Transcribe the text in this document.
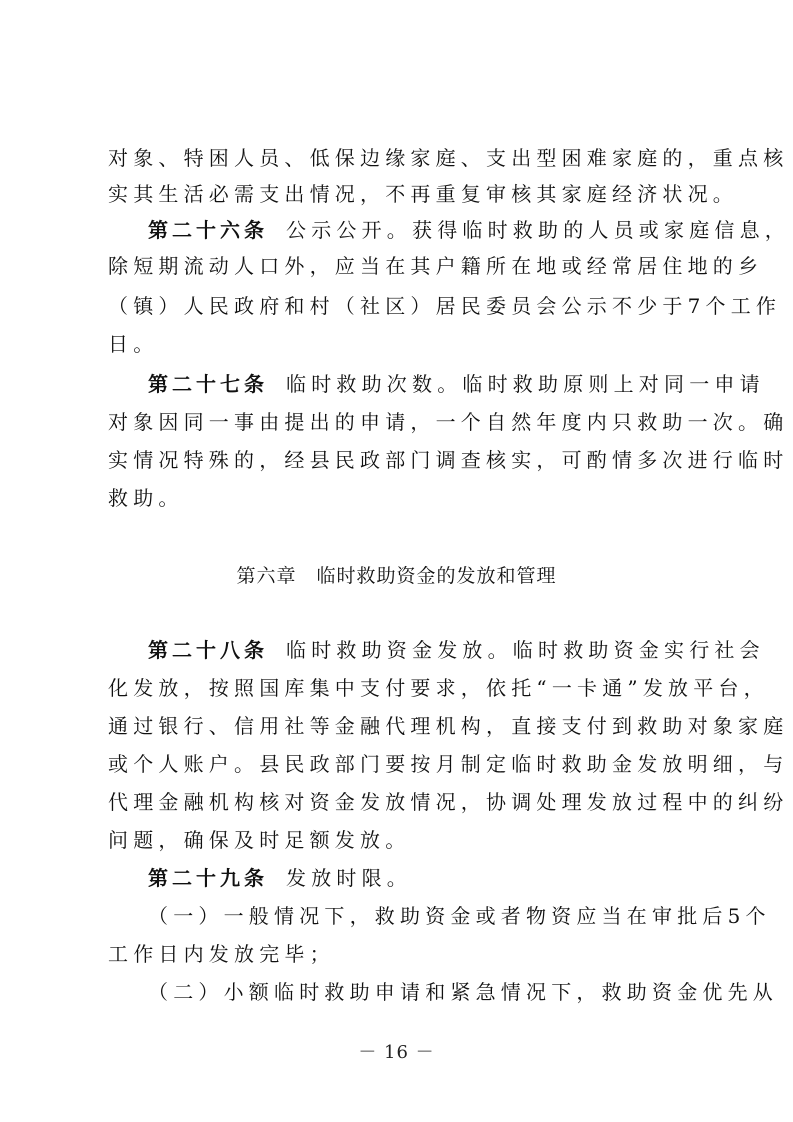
对象、特困人员、低保边缘家庭、支出型困难家庭的，重点核
实其生活必需支出情况，不再重复审核其家庭经济状况。
第二十六条 公示公开。获得临时救助的人员或家庭信息，
除短期流动人口外，应当在其户籍所在地或经常居住地的乡
（镇）人民政府和村（社区）居民委员会公示不少于7个工作
日。
第二十七条 临时救助次数。临时救助原则上对同一申请
对象因同一事由提出的申请，一个自然年度内只救助一次。确
实情况特殊的，经县民政部门调查核实，可酌情多次进行临时
救助。
第六章　临时救助资金的发放和管理
第二十八条 临时救助资金发放。临时救助资金实行社会
化发放，按照国库集中支付要求，依托“一卡通”发放平台，
通过银行、信用社等金融代理机构，直接支付到救助对象家庭
或个人账户。县民政部门要按月制定临时救助金发放明细，与
代理金融机构核对资金发放情况，协调处理发放过程中的纠纷
问题，确保及时足额发放。
第二十九条 发放时限。
（一）一般情况下，救助资金或者物资应当在审批后5个
工作日内发放完毕；
（二）小额临时救助申请和紧急情况下，救助资金优先从
－ 16 －
